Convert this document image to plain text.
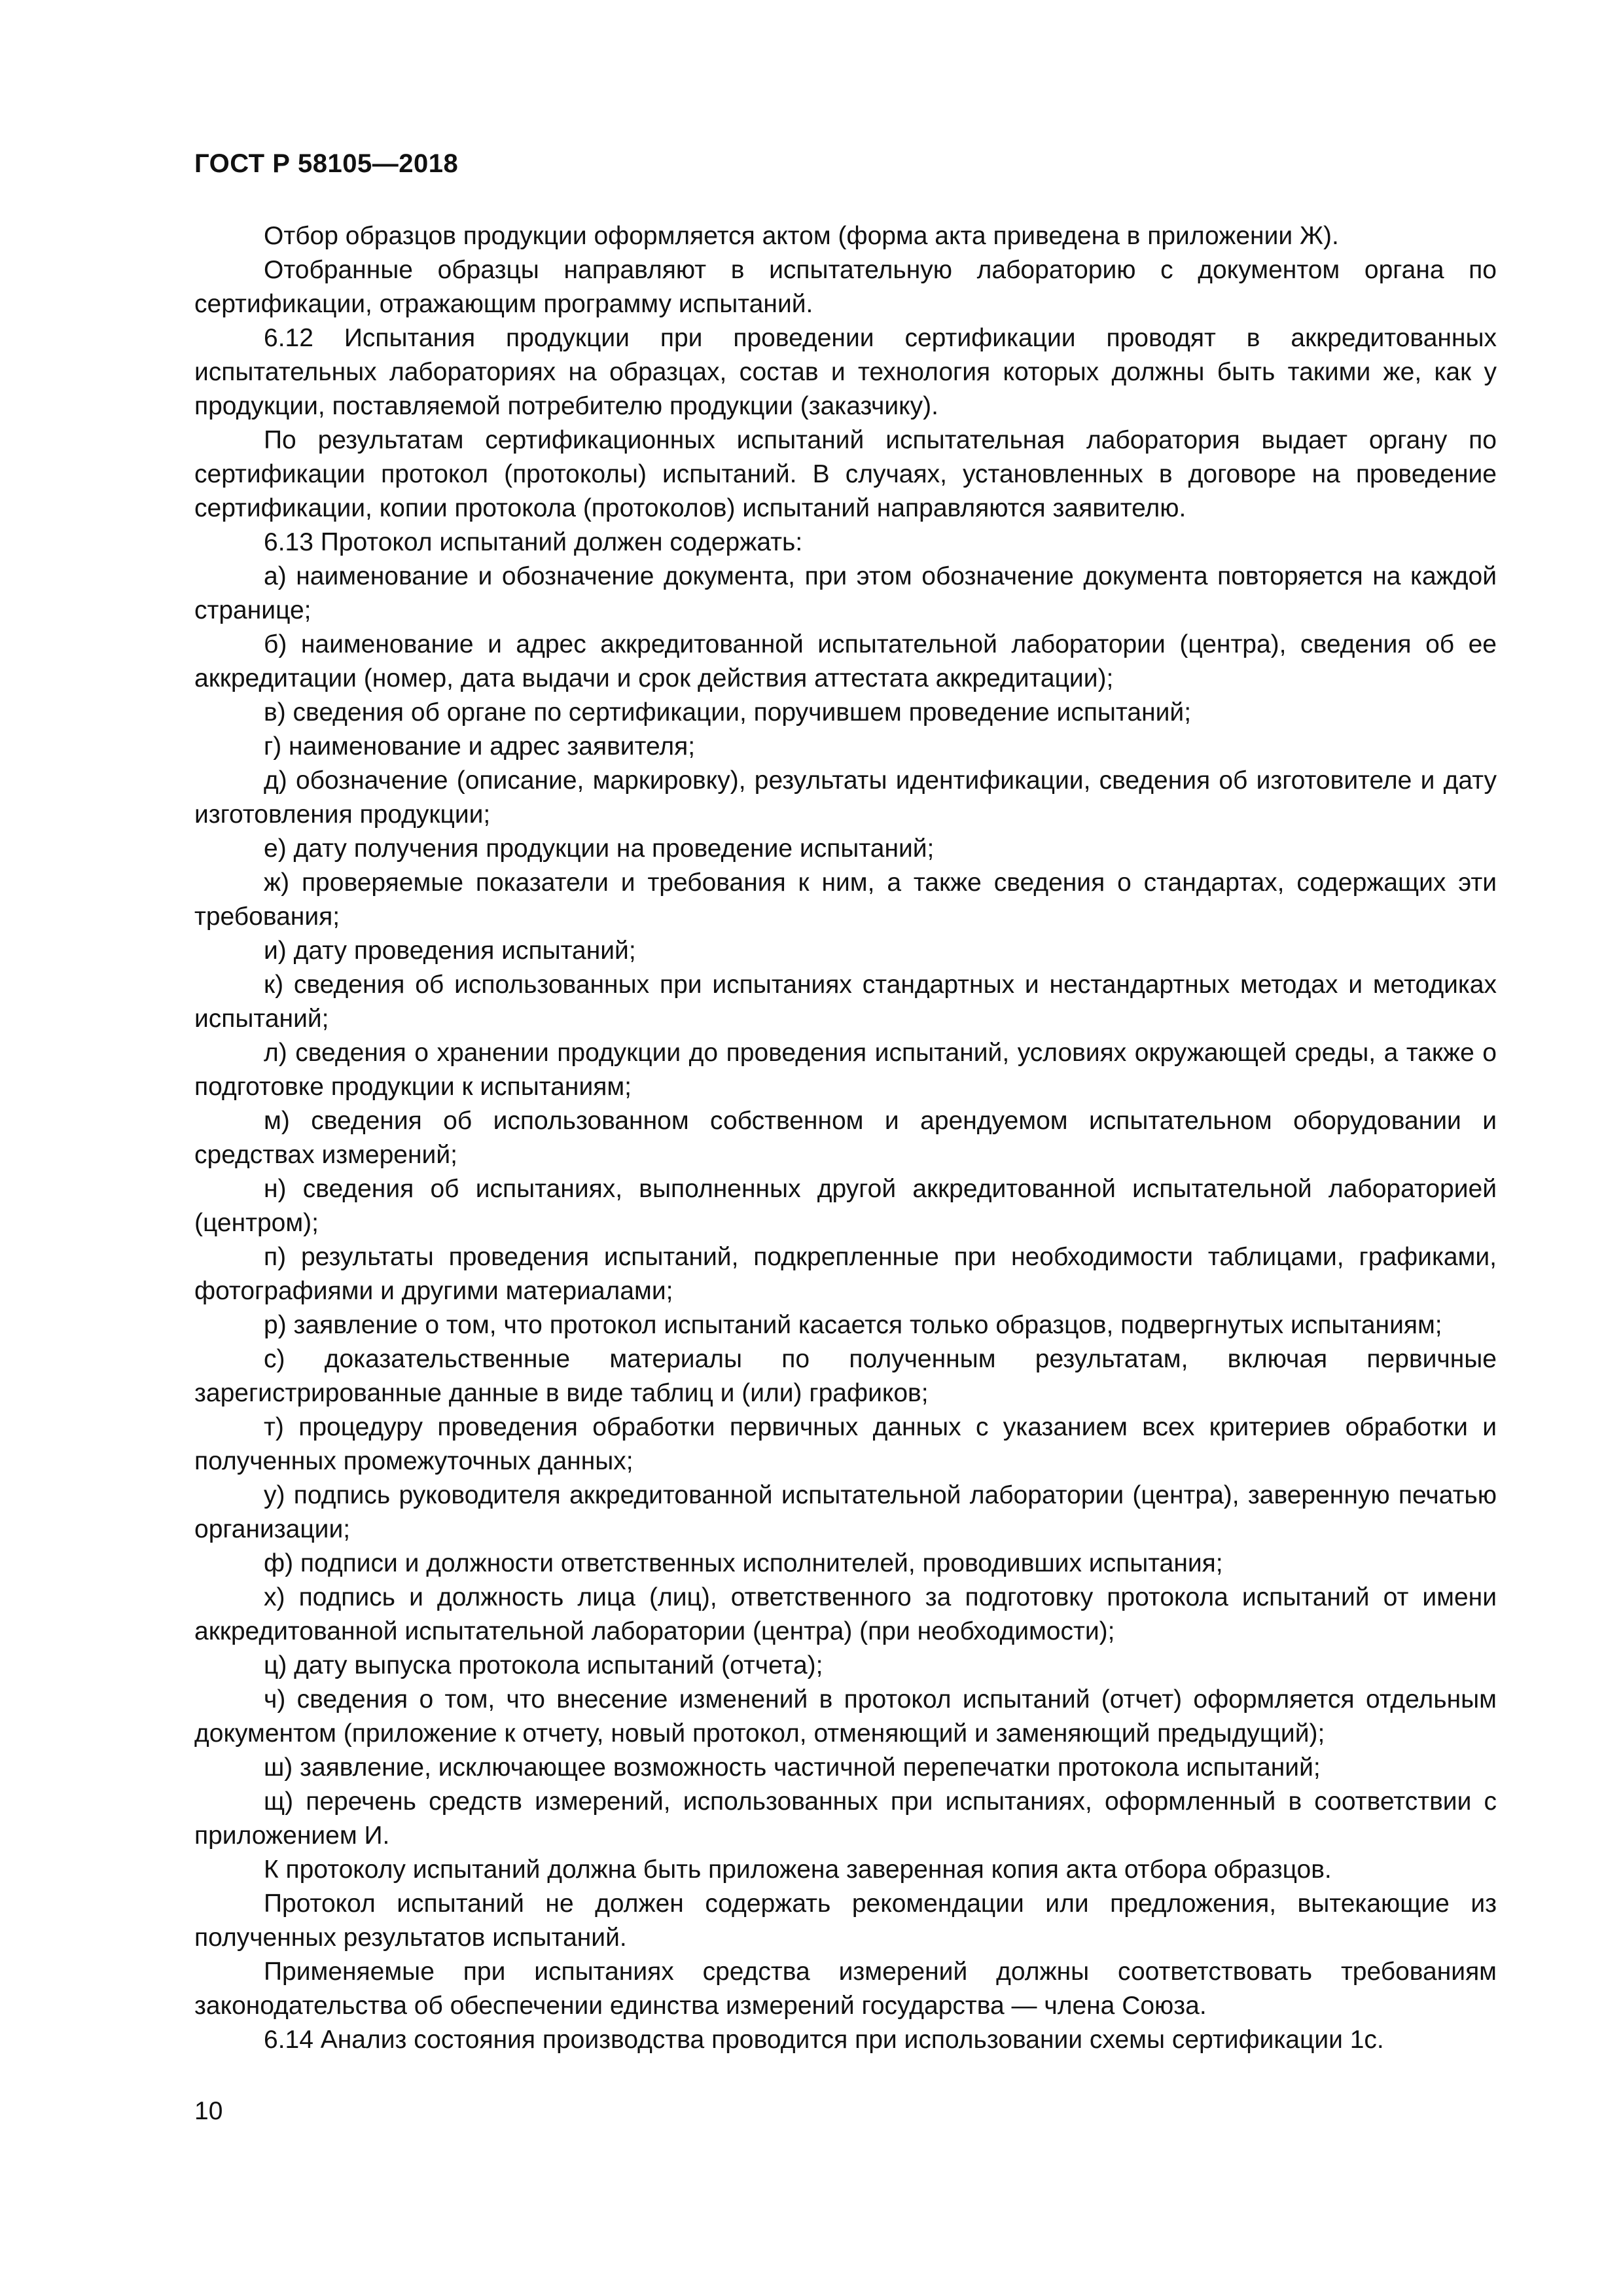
ГОСТ Р 58105—2018

Отбор образцов продукции оформляется актом (форма акта приведена в приложении Ж).

Отобранные образцы направляют в испытательную лабораторию с документом органа по сертификации, отражающим программу испытаний.

6.12 Испытания продукции при проведении сертификации проводят в аккредитованных испытательных лабораториях на образцах, состав и технология которых должны быть такими же, как у продукции, поставляемой потребителю продукции (заказчику).

По результатам сертификационных испытаний испытательная лаборатория выдает органу по сертификации протокол (протоколы) испытаний. В случаях, установленных в договоре на проведение сертификации, копии протокола (протоколов) испытаний направляются заявителю.

6.13 Протокол испытаний должен содержать:

а) наименование и обозначение документа, при этом обозначение документа повторяется на каждой странице;

б) наименование и адрес аккредитованной испытательной лаборатории (центра), сведения об ее аккредитации (номер, дата выдачи и срок действия аттестата аккредитации);

в) сведения об органе по сертификации, поручившем проведение испытаний;

г) наименование и адрес заявителя;

д) обозначение (описание, маркировку), результаты идентификации, сведения об изготовителе и дату изготовления продукции;

е) дату получения продукции на проведение испытаний;

ж) проверяемые показатели и требования к ним, а также сведения о стандартах, содержащих эти требования;

и) дату проведения испытаний;

к) сведения об использованных при испытаниях стандартных и нестандартных методах и методиках испытаний;

л) сведения о хранении продукции до проведения испытаний, условиях окружающей среды, а также о подготовке продукции к испытаниям;

м) сведения об использованном собственном и арендуемом испытательном оборудовании и средствах измерений;

н) сведения об испытаниях, выполненных другой аккредитованной испытательной лабораторией (центром);

п) результаты проведения испытаний, подкрепленные при необходимости таблицами, графиками, фотографиями и другими материалами;

р) заявление о том, что протокол испытаний касается только образцов, подвергнутых испытаниям;

с) доказательственные материалы по полученным результатам, включая первичные зарегистрированные данные в виде таблиц и (или) графиков;

т) процедуру проведения обработки первичных данных с указанием всех критериев обработки и полученных промежуточных данных;

у) подпись руководителя аккредитованной испытательной лаборатории (центра), заверенную печатью организации;

ф) подписи и должности ответственных исполнителей, проводивших испытания;

х) подпись и должность лица (лиц), ответственного за подготовку протокола испытаний от имени аккредитованной испытательной лаборатории (центра) (при необходимости);

ц) дату выпуска протокола испытаний (отчета);

ч) сведения о том, что внесение изменений в протокол испытаний (отчет) оформляется отдельным документом (приложение к отчету, новый протокол, отменяющий и заменяющий предыдущий);

ш) заявление, исключающее возможность частичной перепечатки протокола испытаний;

щ) перечень средств измерений, использованных при испытаниях, оформленный в соответствии с приложением И.

К протоколу испытаний должна быть приложена заверенная копия акта отбора образцов.

Протокол испытаний не должен содержать рекомендации или предложения, вытекающие из полученных результатов испытаний.

Применяемые при испытаниях средства измерений должны соответствовать требованиям законодательства об обеспечении единства измерений государства — члена Союза.

6.14 Анализ состояния производства проводится при использовании схемы сертификации 1с.

10
